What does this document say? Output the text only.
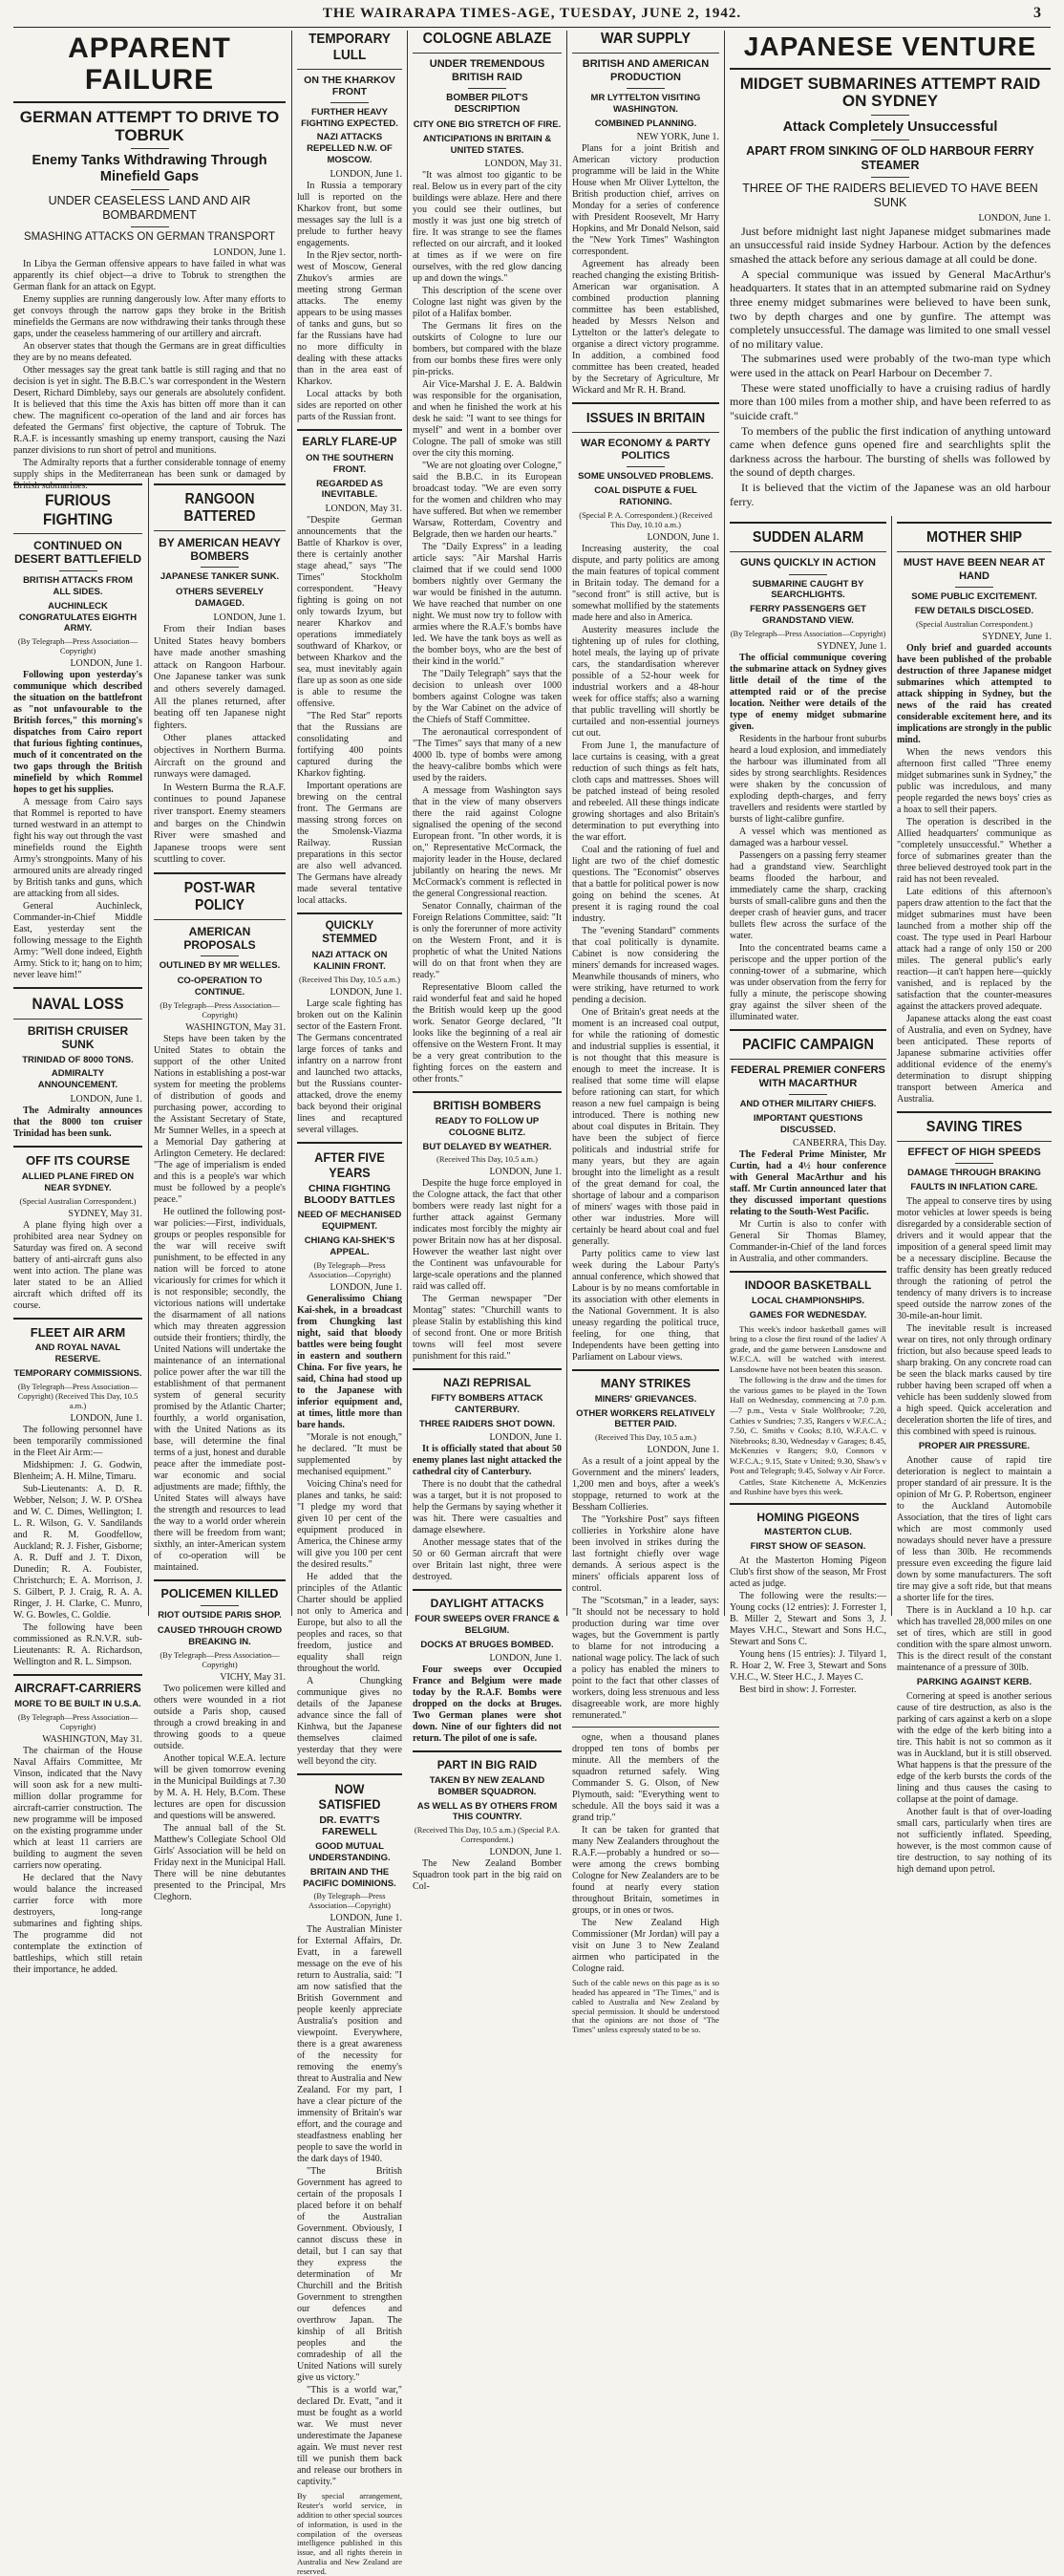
THE WAIRARAPA TIMES-AGE, TUESDAY, JUNE 2, 1942.	3
APPARENT FAILURE
GERMAN ATTEMPT TO DRIVE TO TOBRUK
Enemy Tanks Withdrawing Through Minefield Gaps
UNDER CEASELESS LAND AND AIR BOMBARDMENT
SMASHING ATTACKS ON GERMAN TRANSPORT
LONDON, June 1.

In Libya the German offensive appears to have failed in what was apparently its chief object—a drive to Tobruk to strengthen the German flank for an attack on Egypt.

Enemy supplies are running dangerously low. After many efforts to get convoys through the narrow gaps they broke in the British minefields the Germans are now withdrawing their tanks through these gaps, under the ceaseless hammering of our artillery and aircraft.

An observer states that though the Germans are in great difficulties they are by no means defeated.

Other messages say the great tank battle is still raging and that no decision is yet in sight. The B.B.C.'s war correspondent in the Western Desert, Richard Dimbleby, says our generals are absolutely confident. It is believed that this time the Axis has bitten off more than it can chew. The magnificent co-operation of the land and air forces has defeated the Germans' first objective, the capture of Tobruk. The R.A.F. is incessantly smashing up enemy transport, causing the Nazi panzer divisions to run short of petrol and munitions.

The Admiralty reports that a further considerable tonnage of enemy supply ships in the Mediterranean has been sunk or damaged by British submarines.

FURIOUS FIGHTING
CONTINUED ON DESERT BATTLEFIELD
BRITISH ATTACKS FROM ALL SIDES.
AUCHINLECK CONGRATULATES EIGHTH ARMY.
(By Telegraph—Press Association—Copyright)
LONDON, June 1.

Following upon yesterday's communique which described the situation on the battlefront as "not unfavourable to the British forces," this morning's dispatches from Cairo report that furious fighting continues, much of it concentrated on the two gaps through the British minefield by which Rommel hopes to get his supplies.

A message from Cairo says that Rommel is reported to have turned westward in an attempt to fight his way out through the vast minefields round the Eighth Army's strongpoints. Many of his armoured units are already ringed by British tanks and guns, which are attacking from all sides.

General Auchinleck, Commander-in-Chief Middle East, yesterday sent the following message to the Eighth Army: "Well done indeed, Eighth Army. Stick to it; hang on to him; never leave him!"

NAVAL LOSS
BRITISH CRUISER SUNK
TRINIDAD OF 8000 TONS.
ADMIRALTY ANNOUNCEMENT.
LONDON, June 1.

The Admiralty announces that the 8000 ton cruiser Trinidad has been sunk.

OFF ITS COURSE
ALLIED PLANE FIRED ON NEAR SYDNEY.
(Special Australian Correspondent.)
SYDNEY, May 31.

A plane flying high over a prohibited area near Sydney on Saturday was fired on. A second battery of anti-aircraft guns also went into action. The plane was later stated to be an Allied aircraft which drifted off its course.

FLEET AIR ARM
AND ROYAL NAVAL RESERVE.
TEMPORARY COMMISSIONS.
(By Telegraph—Press Association—Copyright) (Received This Day, 10.5 a.m.)
LONDON, June 1.

The following personnel have been temporarily commissioned in the Fleet Air Arm:—

Midshipmen: J. G. Godwin, Blenheim; A. H. Milne, Timaru.

Sub-Lieutenants: A. D. R. Webber, Nelson; J. W. P. O'Shea and W. C. Dimes, Wellington; I. L. R. Wilson, G. V. Sandilands and R. M. Goodfellow, Auckland; R. J. Fisher, Gisborne; A. R. Duff and J. T. Dixon, Dunedin; R. A. Foubister, Christchurch; E. A. Morrison, J. S. Gilbert, P. J. Craig, R. A. A. Ringer, J. H. Clarke, C. Munro, W. G. Bowles, C. Goldie.

The following have been commissioned as R.N.V.R. sub-Lieutenants: R. A. Richardson, Wellington and R. L. Simpson.

AIRCRAFT-CARRIERS
MORE TO BE BUILT IN U.S.A.
(By Telegraph—Press Association—Copyright)
WASHINGTON, May 31.

The chairman of the House Naval Affairs Committee, Mr Vinson, indicated that the Navy will soon ask for a new multi-million dollar programme for aircraft-carrier construction. The new programme will be imposed on the existing programme under which at least 11 carriers are building to augment the seven carriers now operating.

He declared that the Navy would balance the increased carrier force with more destroyers, long-range submarines and fighting ships. The programme did not contemplate the extinction of battleships, which still retain their importance, he added.

RANGOON BATTERED
BY AMERICAN HEAVY BOMBERS
JAPANESE TANKER SUNK.
OTHERS SEVERELY DAMAGED.
LONDON, June 1.

From their Indian bases United States heavy bombers have made another smashing attack on Rangoon Harbour. One Japanese tanker was sunk and others severely damaged. All the planes returned, after beating off ten Japanese night fighters.

Other planes attacked objectives in Northern Burma. Aircraft on the ground and runways were damaged.

In Western Burma the R.A.F. continues to pound Japanese river transport. Enemy steamers and barges on the Chindwin River were smashed and Japanese troops were sent scuttling to cover.

POST-WAR POLICY
AMERICAN PROPOSALS
OUTLINED BY MR WELLES.
CO-OPERATION TO CONTINUE.
(By Telegraph—Press Association—Copyright)
WASHINGTON, May 31.

Steps have been taken by the United States to obtain the support of the other United Nations in establishing a post-war system for meeting the problems of distribution of goods and purchasing power, according to the Assistant Secretary of State, Mr Sumner Welles, in a speech at a Memorial Day gathering at Arlington Cemetery. He declared: "The age of imperialism is ended and this is a people's war which must be followed by a people's peace."

He outlined the following post-war policies:—First, individuals, groups or peoples responsible for the war will receive swift punishment, to be effected in any nation will be forced to atone vicariously for crimes for which it is not responsible; secondly, the victorious nations will undertake the disarmament of all nations which may threaten aggression outside their frontiers; thirdly, the United Nations will undertake the maintenance of an international police power after the war till the establishment of that permanent system of general security promised by the Atlantic Charter; fourthly, a world organisation, with the United Nations as its base, will determine the final terms of a just, honest and durable peace after the immediate post-war economic and social adjustments are made; fifthly, the United States will always have the strength and resources to lead the way to a world order wherein there will be freedom from want; sixthly, an inter-American system of co-operation will be maintained.

POLICEMEN KILLED
RIOT OUTSIDE PARIS SHOP.
CAUSED THROUGH CROWD BREAKING IN.
(By Telegraph—Press Association—Copyright)
VICHY, May 31.

Two policemen were killed and others were wounded in a riot outside a Paris shop, caused through a crowd breaking in and throwing goods to a queue outside.

Another topical W.E.A. lecture will be given tomorrow evening in the Municipal Buildings at 7.30 by M. A. H. Hely, B.Com. These lectures are open for discussion and questions will be answered.

The annual ball of the St. Matthew's Collegiate School Old Girls' Association will be held on Friday next in the Municipal Hall. There will be nine debutantes presented to the Principal, Mrs Cleghorn.

TEMPORARY LULL
ON THE KHARKOV FRONT
FURTHER HEAVY FIGHTING EXPECTED.
NAZI ATTACKS REPELLED N.W. OF MOSCOW.
LONDON, June 1.

In Russia a temporary lull is reported on the Kharkov front, but some messages say the lull is a prelude to further heavy engagements.

In the Rjev sector, north-west of Moscow, General Zhukov's armies are meeting strong German attacks. The enemy appears to be using masses of tanks and guns, but so far the Russians have had no more difficulty in dealing with these attacks than in the area east of Kharkov.

Local attacks by both sides are reported on other parts of the Russian front.

EARLY FLARE-UP
ON THE SOUTHERN FRONT.
REGARDED AS INEVITABLE.
LONDON, May 31.

"Despite German announcements that the Battle of Kharkov is over, there is certainly another stage ahead," says "The Times" Stockholm correspondent. "Heavy fighting is going on not only towards Izyum, but nearer Kharkov and operations immediately southward of Kharkov, or between Kharkov and the sea, must inevitably again flare up as soon as one side is able to resume the offensive.

"The Red Star" reports that the Russians are consolidating and fortifying 400 points captured during the Kharkov fighting.

Important operations are brewing on the central front. The Germans are massing strong forces on the Smolensk-Viazma Railway. Russian preparations in this sector are also well advanced. The Germans have already made several tentative local attacks.

QUICKLY STEMMED
NAZI ATTACK ON KALININ FRONT.
(Received This Day, 10.5 a.m.)
LONDON, June 1.

Large scale fighting has broken out on the Kalinin sector of the Eastern Front. The Germans concentrated large forces of tanks and infantry on a narrow front and launched two attacks, but the Russians counter-attacked, drove the enemy back beyond their original lines and recaptured several villages.

AFTER FIVE YEARS
CHINA FIGHTING BLOODY BATTLES
NEED OF MECHANISED EQUIPMENT.
CHIANG KAI-SHEK'S APPEAL.
(By Telegraph—Press Association—Copyright)
LONDON, June 1.

Generalissimo Chiang Kai-shek, in a broadcast from Chungking last night, said that bloody battles were being fought in eastern and southern China. For five years, he said, China had stood up to the Japanese with inferior equipment and, at times, little more than bare hands.

"Morale is not enough," he declared. "It must be supplemented by mechanised equipment."

Voicing China's need for planes and tanks, he said: "I pledge my word that given 10 per cent of the equipment produced in America, the Chinese army will give you 100 per cent the desired results."

He added that the principles of the Atlantic Charter should be applied not only to America and Europe, but also to all the peoples and races, so that freedom, justice and equality shall reign throughout the world.

A Chungking communique gives no details of the Japanese advance since the fall of Kinhwa, but the Japanese themselves claimed yesterday that they were well beyond the city.

NOW SATISFIED
DR. EVATT'S FAREWELL
GOOD MUTUAL UNDERSTANDING.
BRITAIN AND THE PACIFIC DOMINIONS.
(By Telegraph—Press Association—Copyright)
LONDON, June 1.

The Australian Minister for External Affairs, Dr. Evatt, in a farewell message on the eve of his return to Australia, said: "I am now satisfied that the British Government and people keenly appreciate Australia's position and viewpoint. Everywhere, there is a great awareness of the necessity for removing the enemy's threat to Australia and New Zealand. For my part, I have a clear picture of the immensity of Britain's war effort, and the courage and steadfastness enabling her people to save the world in the dark days of 1940.

"The British Government has agreed to certain of the proposals I placed before it on behalf of the Australian Government. Obviously, I cannot discuss these in detail, but I can say that they express the determination of Mr Churchill and the British Government to strengthen our defences and overthrow Japan. The kinship of all British peoples and the comradeship of all the United Nations will surely give us victory."

"This is a world war," declared Dr. Evatt, "and it must be fought as a world war. We must never underestimate the Japanese again. We must never rest till we punish them back and release our brothers in captivity."

By special arrangement, Reuter's world service, in addition to other special sources of information, is used in the compilation of the overseas intelligence published in this issue, and all rights therein in Australia and New Zealand are reserved.
COLOGNE ABLAZE
UNDER TREMENDOUS BRITISH RAID
BOMBER PILOT'S DESCRIPTION
CITY ONE BIG STRETCH OF FIRE.
ANTICIPATIONS IN BRITAIN & UNITED STATES.
LONDON, May 31.

"It was almost too gigantic to be real. Below us in every part of the city buildings were ablaze. Here and there you could see their outlines, but mostly it was just one big stretch of fire. It was strange to see the flames reflected on our aircraft, and it looked at times as if we were on fire ourselves, with the red glow dancing up and down the wings."

This description of the scene over Cologne last night was given by the pilot of a Halifax bomber.

The Germans lit fires on the outskirts of Cologne to lure our bombers, but compared with the blaze from our bombs these fires were only pin-pricks.

Air Vice-Marshal J. E. A. Baldwin was responsible for the organisation, and when he finished the work at his desk he said: "I want to see things for myself" and went in a bomber over Cologne. The pall of smoke was still over the city this morning.

"We are not gloating over Cologne," said the B.B.C. in its European broadcast today. "We are even sorry for the women and children who may have suffered. But when we remember Warsaw, Rotterdam, Coventry and Belgrade, then we harden our hearts."

The "Daily Express" in a leading article says: "Air Marshal Harris claimed that if we could send 1000 bombers nightly over Germany the war would be finished in the autumn. We have reached that number on one night. We must now try to follow with armies where the R.A.F.'s bombs have led. We have the tank boys as well as the bomber boys, who are the best of their kind in the world."

The "Daily Telegraph" says that the decision to unleash over 1000 bombers against Cologne was taken by the War Cabinet on the advice of the Chiefs of Staff Committee.

The aeronautical correspondent of "The Times" says that many of a new 4000 lb. type of bombs were among the heavy-calibre bombs which were used by the raiders.

A message from Washington says that in the view of many observers there the raid against Cologne signalised the opening of the second European front. "In other words, it is on," Representative McCormack, the majority leader in the House, declared jubilantly on hearing the news. Mr McCormack's comment is reflected in the general Congressional reaction.

Senator Connally, chairman of the Foreign Relations Committee, said: "It is only the forerunner of more activity on the Western Front, and it is prophetic of what the United Nations will do on that front when they are ready."

Representative Bloom called the raid wonderful feat and said he hoped the British would keep up the good work. Senator George declared, "It looks like the beginning of a real air offensive on the Western Front. It may be a very great contribution to the fighting forces on the eastern and other fronts."

BRITISH BOMBERS
READY TO FOLLOW UP COLOGNE BLITZ.
BUT DELAYED BY WEATHER.
(Received This Day, 10.5 a.m.)
LONDON, June 1.

Despite the huge force employed in the Cologne attack, the fact that other bombers were ready last night for a further attack against Germany indicates most forcibly the mighty air power Britain now has at her disposal. However the weather last night over the Continent was unfavourable for large-scale operations and the planned raid was called off.

The German newspaper "Der Montag" states: "Churchill wants to please Stalin by establishing this kind of second front. One or more British towns will feel most severe punishment for this raid."

NAZI REPRISAL
FIFTY BOMBERS ATTACK CANTERBURY.
THREE RAIDERS SHOT DOWN.
LONDON, June 1.

It is officially stated that about 50 enemy planes last night attacked the cathedral city of Canterbury.

There is no doubt that the cathedral was a target, but it is not proposed to help the Germans by saying whether it was hit. There were casualties and damage elsewhere.

Another message states that of the 50 or 60 German aircraft that were over Britain last night, three were destroyed.

DAYLIGHT ATTACKS
FOUR SWEEPS OVER FRANCE & BELGIUM.
DOCKS AT BRUGES BOMBED.
LONDON, June 1.

Four sweeps over Occupied France and Belgium were made today by the R.A.F. Bombs were dropped on the docks at Bruges. Two German planes were shot down. Nine of our fighters did not return. The pilot of one is safe.

PART IN BIG RAID
TAKEN BY NEW ZEALAND BOMBER SQUADRON.
AS WELL AS BY OTHERS FROM THIS COUNTRY.
(Received This Day, 10.5 a.m.) (Special P.A. Correspondent.)
LONDON, June 1.

The New Zealand Bomber Squadron took part in the big raid on Col-

WAR SUPPLY
BRITISH AND AMERICAN PRODUCTION
MR LYTTELTON VISITING WASHINGTON.
COMBINED PLANNING.
NEW YORK, June 1.

Plans for a joint British and American victory production programme will be laid in the White House when Mr Oliver Lyttelton, the British production chief, arrives on Monday for a series of conference with President Roosevelt, Mr Harry Hopkins, and Mr Donald Nelson, said the "New York Times" Washington correspondent.

Agreement has already been reached changing the existing British-American war organisation. A combined production planning committee has been established, headed by Messrs Nelson and Lyttelton or the latter's delegate to organise a direct victory programme. In addition, a combined food committee has been created, headed by the Secretary of Agriculture, Mr Wickard and Mr R. H. Brand.

ISSUES IN BRITAIN
WAR ECONOMY & PARTY POLITICS
SOME UNSOLVED PROBLEMS.
COAL DISPUTE & FUEL RATIONING.
(Special P. A. Correspondent.) (Received This Day, 10.10 a.m.)
LONDON, June 1.

Increasing austerity, the coal dispute, and party politics are among the main features of topical comment in Britain today. The demand for a "second front" is still active, but is somewhat mollified by the statements made here and also in America.

Austerity measures include the tightening up of rules for clothing, hotel meals, the laying up of private cars, the standardisation wherever possible of a 52-hour week for industrial workers and a 48-hour week for office staffs; also a warning that public travelling will shortly be curtailed and non-essential journeys cut out.

From June 1, the manufacture of lace curtains is ceasing, with a great reduction of such things as felt hats, cloth caps and mattresses. Shoes will be patched instead of being resoled and rebeeled. All these things indicate growing shortages and also Britain's determination to put everything into the war effort.

Coal and the rationing of fuel and light are two of the chief domestic questions. The "Economist" observes that a battle for political power is now going on behind the scenes. At present it is raging round the coal industry.

The "evening Standard" comments that coal politically is dynamite. Cabinet is now considering the miners' demands for increased wages. Meanwhile thousands of miners, who were striking, have returned to work pending a decision.

One of Britain's great needs at the moment is an increased coal output, for while the rationing of domestic and industrial supplies is essential, it is not thought that this measure is enough to meet the increase. It is realised that some time will elapse before rationing can start, for which reason a new fuel campaign is being introduced. There is nothing new about coal disputes in Britain. They have been the subject of fierce politicals and industrial strife for many years, but they are again brought into the limelight as a result of the great demand for coal, the shortage of labour and a comparison of miners' wages with those paid in other war industries. More will certainly be heard about coal and fuel generally.

Party politics came to view last week during the Labour Party's annual conference, which showed that Labour is by no means comfortable in its association with other elements in the National Government. It is also uneasy regarding the political truce, feeling, for one thing, that Independents have been getting into Parliament on Labour views.

MANY STRIKES
MINERS' GRIEVANCES.
OTHER WORKERS RELATIVELY BETTER PAID.
(Received This Day, 10.5 a.m.)
LONDON, June 1.

As a result of a joint appeal by the Government and the miners' leaders, 1,200 men and boys, after a week's stoppage, returned to work at the Bessham Collieries.

The "Yorkshire Post" says fifteen collieries in Yorkshire alone have been involved in strikes during the last fortnight chiefly over wage demands. A serious aspect is the miners' officials apparent loss of control.

The "Scotsman," in a leader, says: "It should not be necessary to hold production during war time over wages, but the Government is partly to blame for not introducing a national wage policy. The lack of such a policy has enabled the miners to point to the fact that other classes of workers, doing less strenuous and less disagreeable work, are more highly remunerated."

ogne, when a thousand planes dropped ten tons of bombs per minute. All the members of the squadron returned safely. Wing Commander S. G. Olson, of New Plymouth, said: "Everything went to schedule. All the boys said it was a grand trip."

It can be taken for granted that many New Zealanders throughout the R.A.F.—probably a hundred or so—were among the crews bombing Cologne for New Zealanders are to be found at nearly every station throughout Britain, sometimes in groups, or in ones or twos.

The New Zealand High Commissioner (Mr Jordan) will pay a visit on June 3 to New Zealand airmen who participated in the Cologne raid.

Such of the cable news on this page as is so headed has appeared in "The Times," and is cabled to Australia and New Zealand by special permission. It should be understood that the opinions are not those of "The Times" unless expressly stated to be so.
JAPANESE VENTURE
MIDGET SUBMARINES ATTEMPT RAID ON SYDNEY
Attack Completely Unsuccessful
APART FROM SINKING OF OLD HARBOUR FERRY STEAMER
THREE OF THE RAIDERS BELIEVED TO HAVE BEEN SUNK
LONDON, June 1.

Just before midnight last night Japanese midget submarines made an unsuccessful raid inside Sydney Harbour. Action by the defences smashed the attack before any serious damage at all could be done.

A special communique was issued by General MacArthur's headquarters. It states that in an attempted submarine raid on Sydney three enemy midget submarines were believed to have been sunk, two by depth charges and one by gunfire. The attempt was completely unsuccessful. The damage was limited to one small vessel of no military value.

The submarines used were probably of the two-man type which were used in the attack on Pearl Harbour on December 7.

These were stated unofficially to have a cruising radius of hardly more than 100 miles from a mother ship, and have been referred to as "suicide craft."

To members of the public the first indication of anything untoward came when defence guns opened fire and searchlights split the darkness across the harbour. The bursting of shells was followed by the sound of depth charges.

It is believed that the victim of the Japanese was an old harbour ferry.

SUDDEN ALARM
GUNS QUICKLY IN ACTION
SUBMARINE CAUGHT BY SEARCHLIGHTS.
FERRY PASSENGERS GET GRANDSTAND VIEW.
(By Telegraph—Press Association—Copyright)
SYDNEY, June 1.

The official communique covering the submarine attack on Sydney gives little detail of the time of the attempted raid or of the precise location. Neither were details of the type of enemy midget submarine given.

Residents in the harbour front suburbs heard a loud explosion, and immediately the harbour was illuminated from all sides by strong searchlights. Residences were shaken by the concussion of exploding depth-charges, and ferry travellers and residents were startled by bursts of light-calibre gunfire.

A vessel which was mentioned as damaged was a harbour vessel.

Passengers on a passing ferry steamer had a grandstand view. Searchlight beams flooded the harbour, and immediately came the sharp, cracking bursts of small-calibre guns and then the deeper crash of heavier guns, and tracer bullets flew across the surface of the water.

Into the concentrated beams came a periscope and the upper portion of the conning-tower of a submarine, which was under observation from the ferry for fully a minute, the periscope showing gray against the silver sheen of the illuminated water.

PACIFIC CAMPAIGN
FEDERAL PREMIER CONFERS WITH MACARTHUR
AND OTHER MILITARY CHIEFS.
IMPORTANT QUESTIONS DISCUSSED.
CANBERRA, This Day.

The Federal Prime Minister, Mr Curtin, had a 4½ hour conference with General MacArthur and his staff. Mr Curtin announced later that they discussed important questions relating to the South-West Pacific.

Mr Curtin is also to confer with General Sir Thomas Blamey, Commander-in-Chief of the land forces in Australia, and other commanders.

INDOOR BASKETBALL
LOCAL CHAMPIONSHIPS.
GAMES FOR WEDNESDAY.

This week's indoor basketball games will bring to a close the first round of the ladies' A grade, and the game between Lansdowne and W.F.C.A. will be watched with interest. Lansdowne have not been beaten this season.

The following is the draw and the times for the various games to be played in the Town Hall on Wednesday, commencing at 7.0 p.m.—7 p.m., Vesta v Stale Wolfbrooke; 7.20, Cathies v Sundries; 7.35, Rangers v W.F.C.A.; 7.50, C. Smiths v Cooks; 8.10, W.F.A.C. v Nitebrooks; 8.30, Wednesday v Garages; 8.45, McKenzies v Rangers; 9.0, Connors v W.F.C.A.; 9.15, State v United; 9.30, Shaw's v Post and Telegraph; 9.45, Solway v Air Force.

Cattles, State Kitchenette A, McKenzies and Rushine have byes this week.

HOMING PIGEONS
MASTERTON CLUB.
FIRST SHOW OF SEASON.

At the Masterton Homing Pigeon Club's first show of the season, Mr Frost acted as judge.

The following were the results:—Young cocks (12 entries): J. Forrester 1, B. Miller 2, Stewart and Sons 3, J. Mayes V.H.C., Stewart and Sons H.C., Stewart and Sons C.

Young hens (15 entries): J. Tilyard 1, R. Hoar 2, W. Free 3, Stewart and Sons V.H.C., W. Steer H.C., J. Mayes C.

Best bird in show: J. Forrester.

MOTHER SHIP
MUST HAVE BEEN NEAR AT HAND
SOME PUBLIC EXCITEMENT.
FEW DETAILS DISCLOSED.
(Special Australian Correspondent.)
SYDNEY, June 1.

Only brief and guarded accounts have been published of the probable destruction of three Japanese midget submarines which attempted to attack shipping in Sydney, but the news of the raid has created considerable excitement here, and its implications are strongly in the public mind.

When the news vendors this afternoon first called "Three enemy midget submarines sunk in Sydney," the public was incredulous, and many people regarded the news boys' cries as a hoax to sell their papers.

The operation is described in the Allied headquarters' communique as "completely unsuccessful." Whether a force of submarines greater than the three believed destroyed took part in the raid has not been revealed.

Late editions of this afternoon's papers draw attention to the fact that the midget submarines must have been launched from a mother ship off the coast. The type used in Pearl Harbour attack had a range of only 150 or 200 miles. The general public's early reaction—it can't happen here—quickly vanished, and is replaced by the satisfaction that the counter-measures against the attackers proved adequate.

Japanese attacks along the east coast of Australia, and even on Sydney, have been anticipated. These reports of Japanese submarine activities offer additional evidence of the enemy's determination to disrupt shipping transport between America and Australia.

SAVING TIRES
EFFECT OF HIGH SPEEDS
DAMAGE THROUGH BRAKING
FAULTS IN INFLATION CARE.

The appeal to conserve tires by using motor vehicles at lower speeds is being disregarded by a considerable section of drivers and it would appear that the imposition of a general speed limit may be a necessary discipline. Because the traffic density has been greatly reduced through the rationing of petrol the tendency of many drivers is to increase speed outside the narrow zones of the 30-mile-an-hour limit.

The inevitable result is increased wear on tires, not only through ordinary friction, but also because speed leads to sharp braking. On any concrete road can be seen the black marks caused by tire rubber having been scraped off when a vehicle has been suddenly slowed from a high speed. Quick acceleration and deceleration shorten the life of tires, and this combined with speed is ruinous.

PROPER AIR PRESSURE.

Another cause of rapid tire deterioration is neglect to maintain a proper standard of air pressure. It is the opinion of Mr G. P. Robertson, engineer to the Auckland Automobile Association, that the tires of light cars which are most commonly used nowadays should never have a pressure of less than 30lb. He recommends pressure even exceeding the figure laid down by some manufacturers. The soft tire may give a soft ride, but that means a shorter life for the tires.

There is in Auckland a 10 h.p. car which has travelled 28,000 miles on one set of tires, which are still in good condition with the spare almost unworn. This is the direct result of the constant maintenance of a pressure of 30lb.

PARKING AGAINST KERB.

Cornering at speed is another serious cause of tire destruction, as also is the parking of cars against a kerb on a slope with the edge of the kerb biting into a tire. This habit is not so common as it was in Auckland, but it is still observed. What happens is that the pressure of the edge of the kerb bursts the cords of the lining and thus causes the casing to collapse at the point of damage.

Another fault is that of over-loading small cars, particularly when tires are not sufficiently inflated. Speeding, however, is the most common cause of tire destruction, to say nothing of its high demand upon petrol.
